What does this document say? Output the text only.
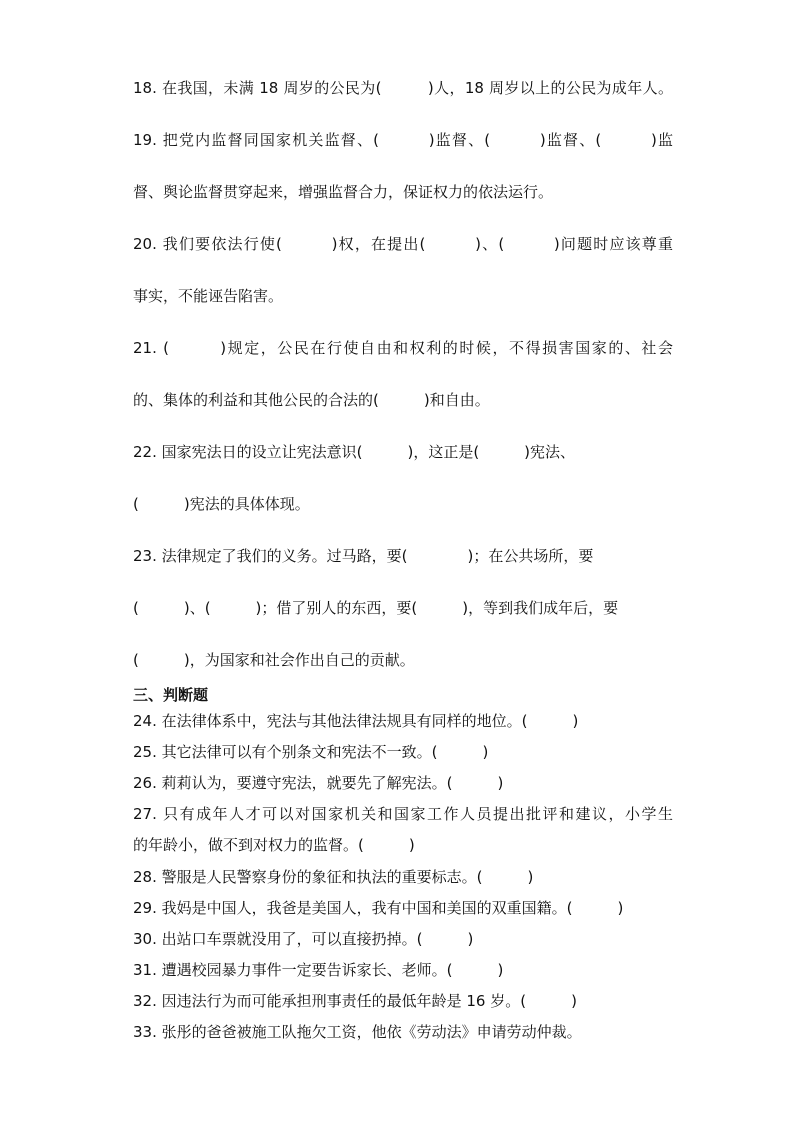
18. 在我国，未满 18 周岁的公民为(　　　)人，18 周岁以上的公民为成年人。
19. 把党内监督同国家机关监督、(　　　)监督、(　　　)监督、(　　　)监
督、舆论监督贯穿起来，增强监督合力，保证权力的依法运行。
20. 我们要依法行使(　　　)权，在提出(　　　)、(　　　)问题时应该尊重
事实，不能诬告陷害。
21. (　　　)规定，公民在行使自由和权利的时候，不得损害国家的、社会
的、集体的利益和其他公民的合法的(　　　)和自由。
22. 国家宪法日的设立让宪法意识(　　　)，这正是(　　　)宪法、
(　　　)宪法的具体体现。
23. 法律规定了我们的义务。过马路，要(　　　　)；在公共场所，要
(　　　)、(　　　)；借了别人的东西，要(　　　)，等到我们成年后，要
(　　　)，为国家和社会作出自己的贡献。
三、判断题
24. 在法律体系中，宪法与其他法律法规具有同样的地位。(　　　)
25. 其它法律可以有个别条文和宪法不一致。(　　　)
26. 莉莉认为，要遵守宪法，就要先了解宪法。(　　　)
27. 只有成年人才可以对国家机关和国家工作人员提出批评和建议，小学生
的年龄小，做不到对权力的监督。(　　　)
28. 警服是人民警察身份的象征和执法的重要标志。(　　　)
29. 我妈是中国人，我爸是美国人，我有中国和美国的双重国籍。(　　　)
30. 出站口车票就没用了，可以直接扔掉。(　　　)
31. 遭遇校园暴力事件一定要告诉家长、老师。(　　　)
32. 因违法行为而可能承担刑事责任的最低年龄是 16 岁。(　　　)
33. 张彤的爸爸被施工队拖欠工资，他依《劳动法》申请劳动仲裁。
